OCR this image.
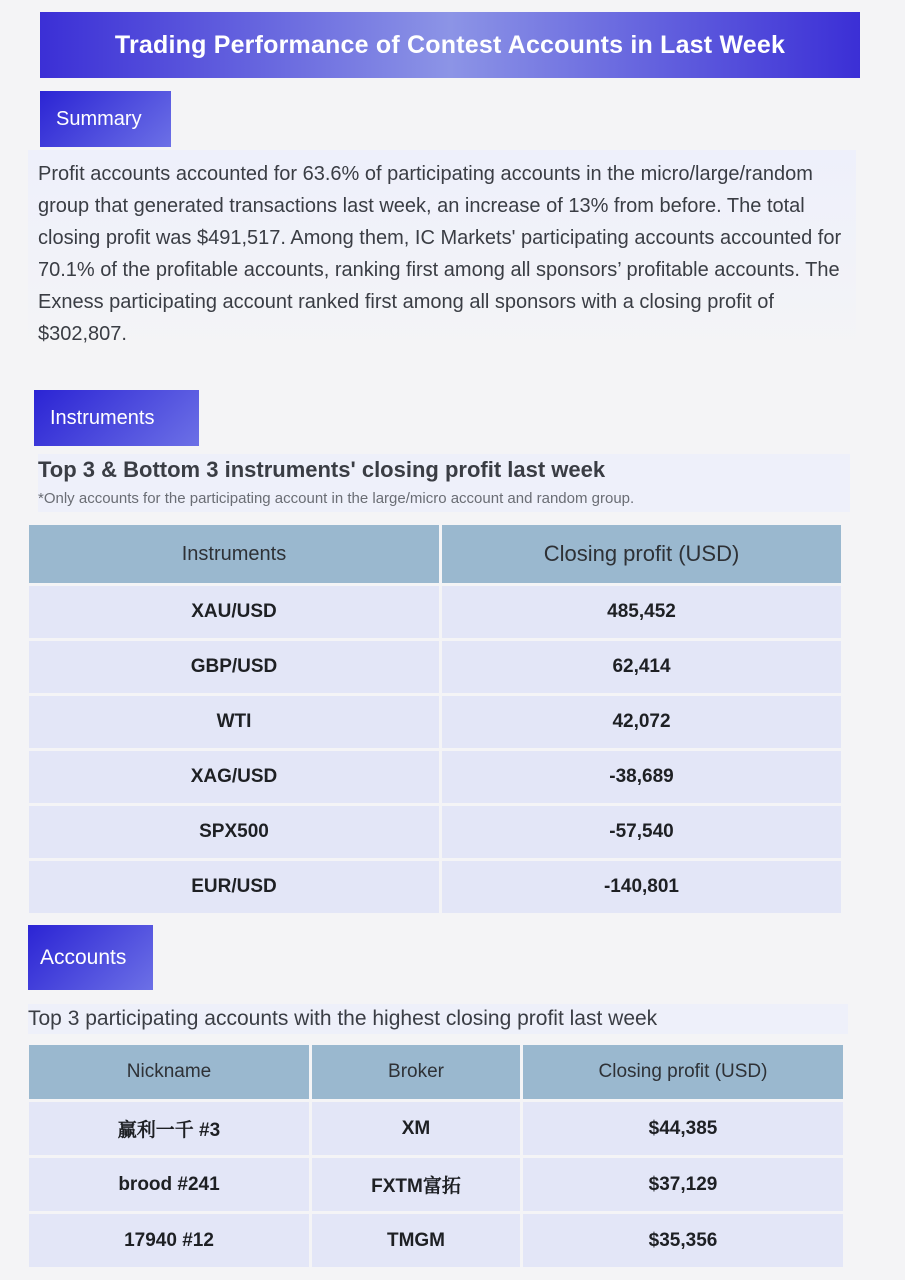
Trading Performance of Contest Accounts in Last Week
Summary
Profit accounts accounted for 63.6% of participating accounts in the micro/large/random group that generated transactions last week, an increase of 13% from before. The total closing profit was $491,517. Among them, IC Markets' participating accounts accounted for 70.1% of the profitable accounts, ranking first among all sponsors’ profitable accounts. The Exness participating account ranked first among all sponsors with a closing profit of $302,807.
Instruments
Top 3 & Bottom 3 instruments' closing profit last week
*Only accounts for the participating account in the large/micro account and random group.
Instruments	Closing profit (USD)
XAU/USD	485,452
GBP/USD	62,414
WTI	42,072
XAG/USD	-38,689
SPX500	-57,540
EUR/USD	-140,801
Accounts
Top 3 participating accounts with the highest closing profit last week
Nickname	Broker	Closing profit (USD)
赢利一千 #3	XM	$44,385
brood #241	FXTM富拓	$37,129
17940 #12	TMGM	$35,356
